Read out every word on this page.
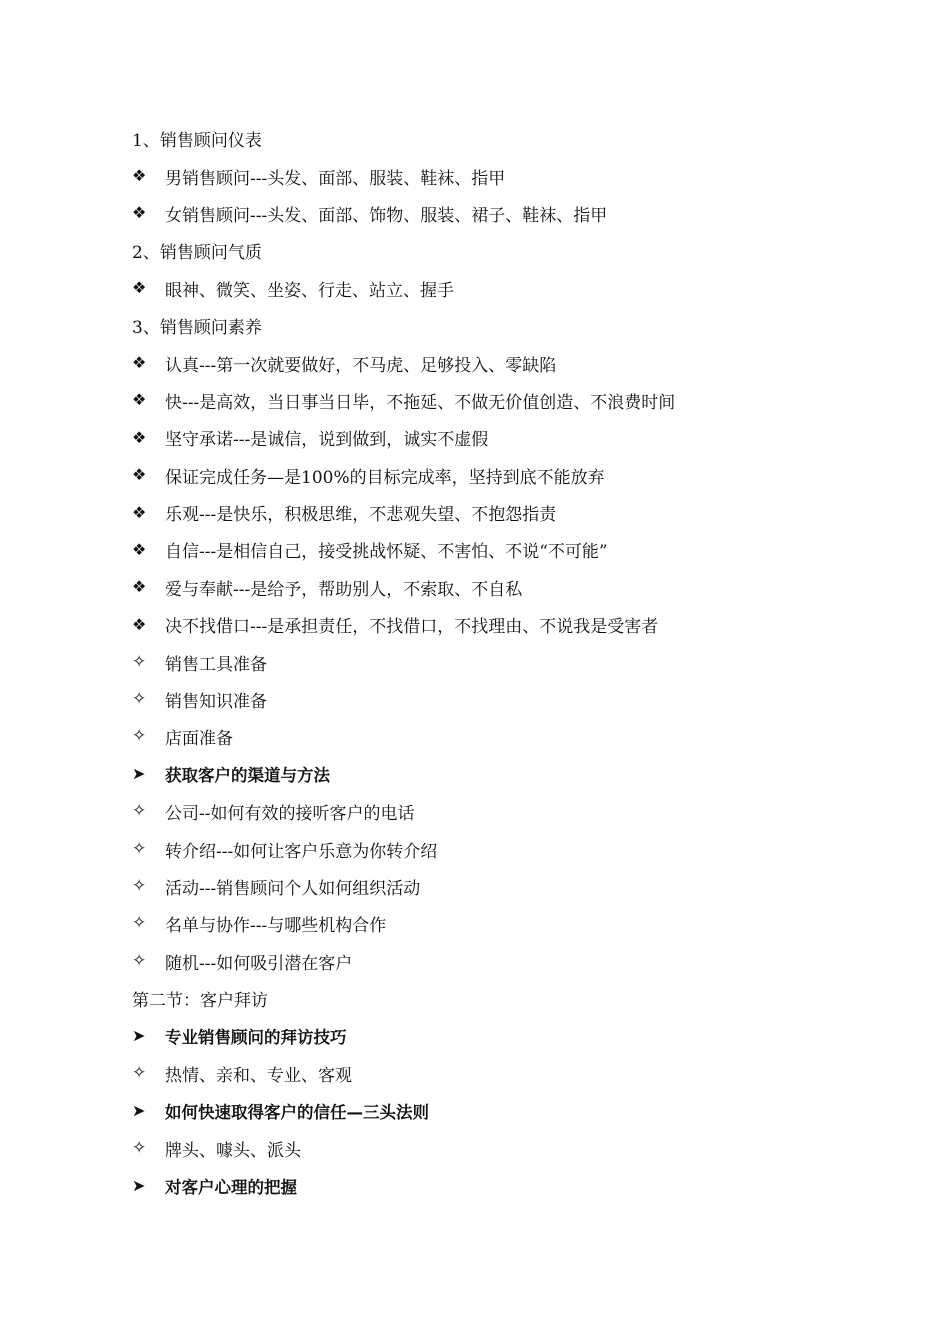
1、销售顾问仪表
❖	男销售顾问---头发、面部、服装、鞋袜、指甲
❖	女销售顾问---头发、面部、饰物、服装、裙子、鞋袜、指甲
2、销售顾问气质
❖	眼神、微笑、坐姿、行走、站立、握手
3、销售顾问素养
❖	认真---第一次就要做好，不马虎、足够投入、零缺陷
❖	快---是高效，当日事当日毕，不拖延、不做无价值创造、不浪费时间
❖	坚守承诺---是诚信，说到做到，诚实不虚假
❖	保证完成任务—是100%的目标完成率，坚持到底不能放弃
❖	乐观---是快乐，积极思维，不悲观失望、不抱怨指责
❖	自信---是相信自己，接受挑战怀疑、不害怕、不说“不可能”
❖	爱与奉献---是给予，帮助别人，不索取、不自私
❖	决不找借口---是承担责任，不找借口，不找理由、不说我是受害者
✧	销售工具准备
✧	销售知识准备
✧	店面准备
➤	获取客户的渠道与方法
✧	公司--如何有效的接听客户的电话
✧	转介绍---如何让客户乐意为你转介绍
✧	活动---销售顾问个人如何组织活动
✧	名单与协作---与哪些机构合作
✧	随机---如何吸引潜在客户
第二节：客户拜访
➤	专业销售顾问的拜访技巧
✧	热情、亲和、专业、客观
➤	如何快速取得客户的信任—三头法则
✧	牌头、噱头、派头
➤	对客户心理的把握
